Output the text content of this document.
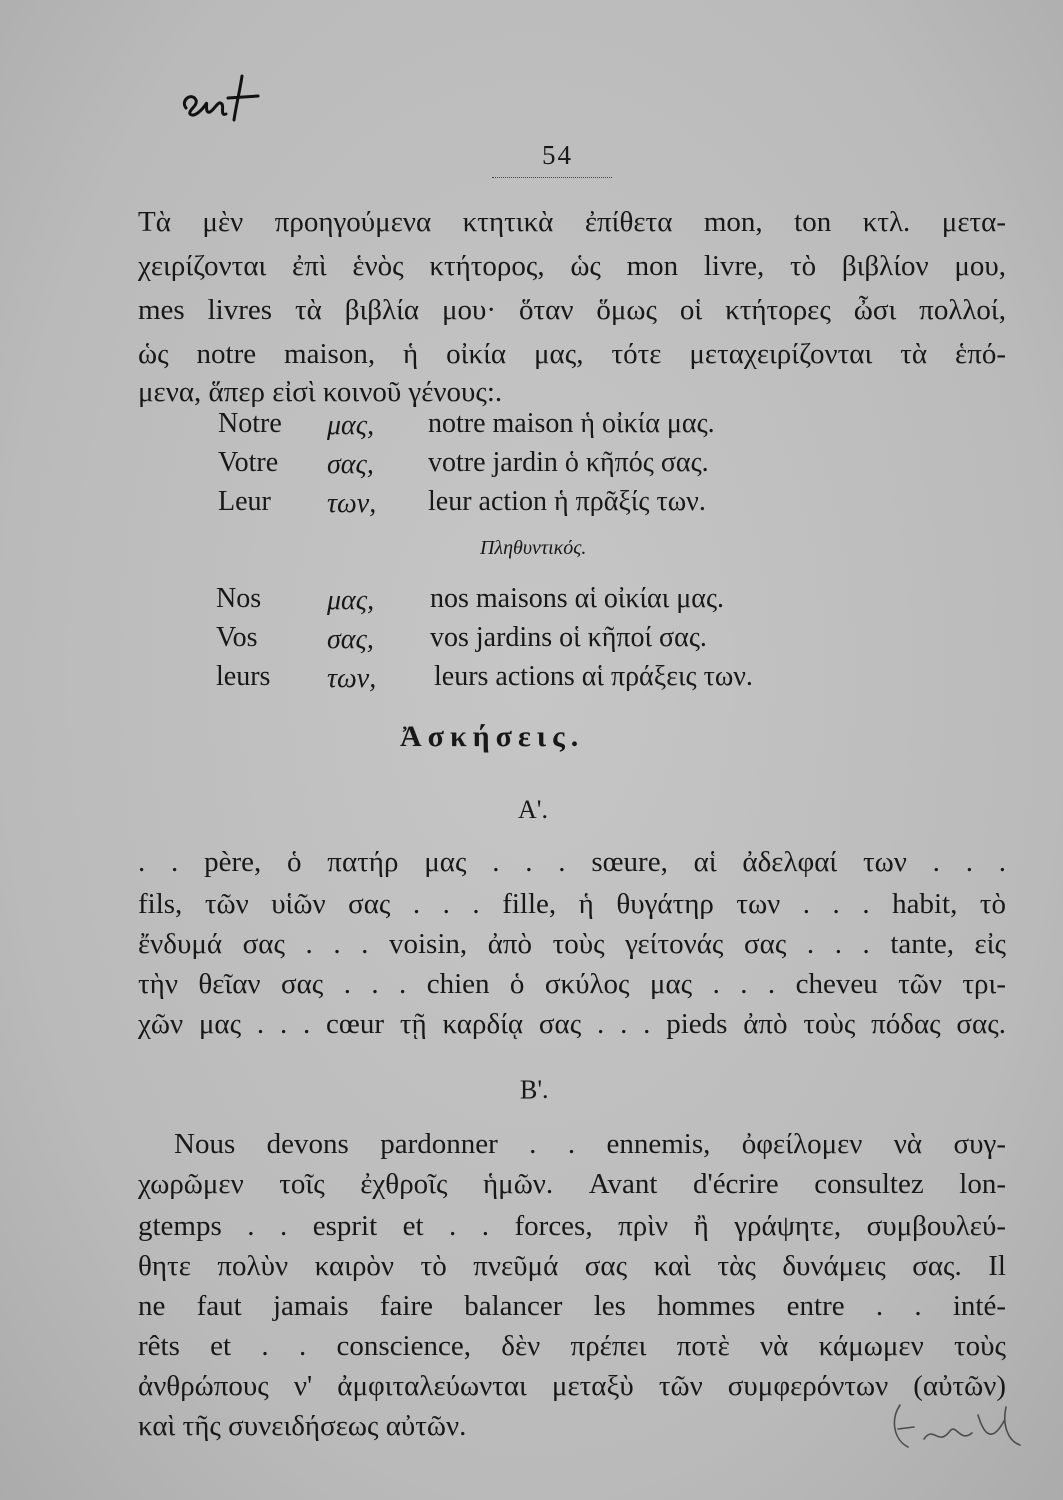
54
Τὰ μὲν προηγούμενα κτητικὰ ἐπίθετα mon, ton κτλ. μετα-
χειρίζονται ἐπὶ ἑνὸς κτήτορος, ὡς mon livre, τὸ βιβλίον μου,
mes livres τὰ βιβλία μου· ὅταν ὅμως οἱ κτήτορες ὦσι πολλοί,
ὡς notre maison, ἡ οἰκία μας, τότε μεταχειρίζονται τὰ ἑπό-
μενα, ἅπερ εἰσὶ κοινοῦ γένους:.
Notre μας, notre maison ἡ οἰκία μας.
Votre σας, votre jardin ὁ κῆπός σας.
Leur των, leur action ἡ πρᾶξίς των.
Πληθυντικός.
Nos μας, nos maisons αἱ οἰκίαι μας.
Vos σας, vos jardins οἱ κῆποί σας.
leurs των, leurs actions αἱ πράξεις των.
Ἀσκήσεις.
Α'.
. . père, ὁ πατήρ μας . . . sœure, αἱ ἀδελφαί των . . .
fils, τῶν υἱῶν σας . . . fille, ἡ θυγάτηρ των . . . habit, τὸ
ἔνδυμά σας . . . voisin, ἀπὸ τοὺς γείτονάς σας . . . tante, εἰς
τὴν θεῖαν σας . . . chien ὁ σκύλος μας . . . cheveu τῶν τρι-
χῶν μας . . . cœur τῇ καρδίᾳ σας . . . pieds ἀπὸ τοὺς πόδας σας.
Β'.
Nous devons pardonner . . ennemis, ὀφείλομεν νὰ συγ-
χωρῶμεν τοῖς ἐχθροῖς ἡμῶν. Avant d'écrire consultez lon-
gtemps . . esprit et . . forces, πρὶν ἢ γράψητε, συμβουλεύ-
θητε πολὺν καιρὸν τὸ πνεῦμά σας καὶ τὰς δυνάμεις σας. Il
ne faut jamais faire balancer les hommes entre . . inté-
rêts et . . conscience, δὲν πρέπει ποτὲ νὰ κάμωμεν τοὺς
ἀνθρώπους ν' ἀμφιταλεύωνται μεταξὺ τῶν συμφερόντων (αὐτῶν)
καὶ τῆς συνειδήσεως αὐτῶν.
